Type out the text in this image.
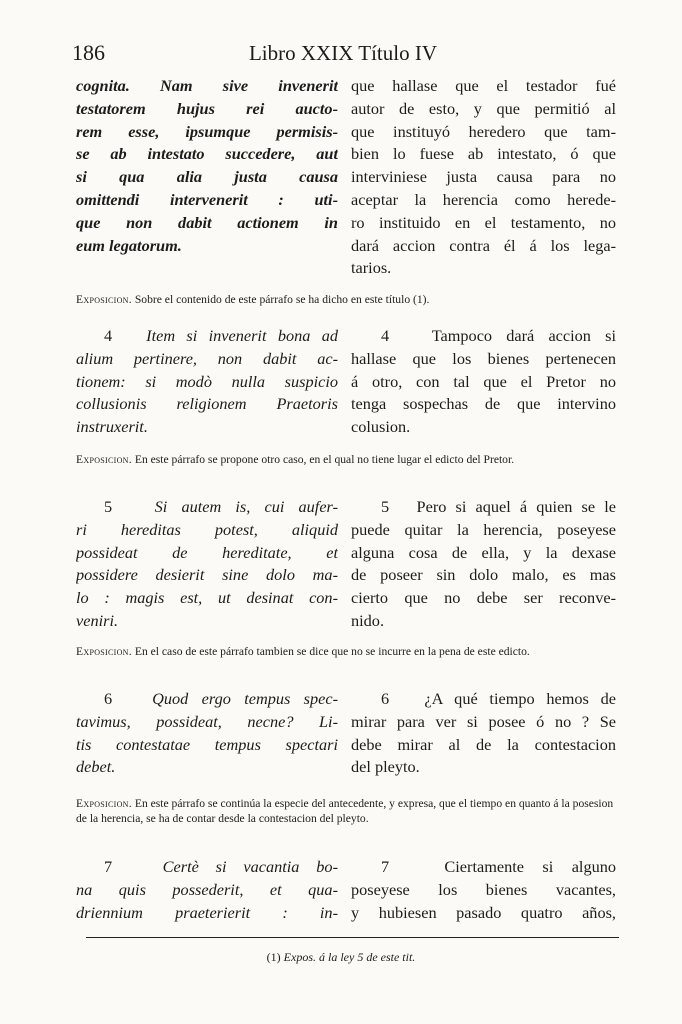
186	Libro XXIX Título IV
cognita. Nam sive invenerit
testatorem hujus rei aucto-
rem esse, ipsumque permisis-
se ab intestato succedere, aut
si qua alia justa causa
omittendi intervenerit : uti-
que non dabit actionem in
eum legatorum.
que hallase que el testador fué
autor de esto, y que permitió al
que instituyó heredero que tam-
bien lo fuese ab intestato, ó que
interviniese justa causa para no
aceptar la herencia como herede-
ro instituido en el testamento, no
dará accion contra él á los lega-
tarios.
Exposicion. Sobre el contenido de este párrafo se ha dicho en este título (1).
4 Item si invenerit bona ad
alium pertinere, non dabit ac-
tionem: si modò nulla suspicio
collusionis religionem Praetoris
instruxerit.
4	Tampoco dará accion si
hallase que los bienes pertenecen
á otro, con tal que el Pretor no
tenga sospechas de que intervino
colusion.
Exposicion. En este párrafo se propone otro caso, en el qual no tiene lugar el edicto del Pretor.
5	Si autem is, cui aufer-
ri hereditas potest, aliquid
possideat de hereditate, et
possidere desierit sine dolo ma-
lo : magis est, ut desinat con-
veniri.
5 Pero si aquel á quien se le
puede quitar la herencia, poseyese
alguna cosa de ella, y la dexase
de poseer sin dolo malo, es mas
cierto que no debe ser reconve-
nido.
Exposicion. En el caso de este párrafo tambien se dice que no se incurre en la pena de este edicto.
6 Quod ergo tempus spec-
tavimus, possideat, necne? Li-
tis contestatae tempus spectari
debet.
6 ¿A qué tiempo hemos de
mirar para ver si posee ó no ? Se
debe mirar al de la contestacion
del pleyto.
Exposicion. En este párrafo se continúa la especie del antecedente, y expresa, que el tiempo en quanto á la posesion de la herencia, se ha de contar desde la contestacion del pleyto.
7	Certè si vacantia bo-
na quis possederit, et qua-
driennium praeterierit : in-
7	Ciertamente si alguno
poseyese los bienes vacantes,
y hubiesen pasado quatro años,
(1) Expos. á la ley 5 de este tit.
